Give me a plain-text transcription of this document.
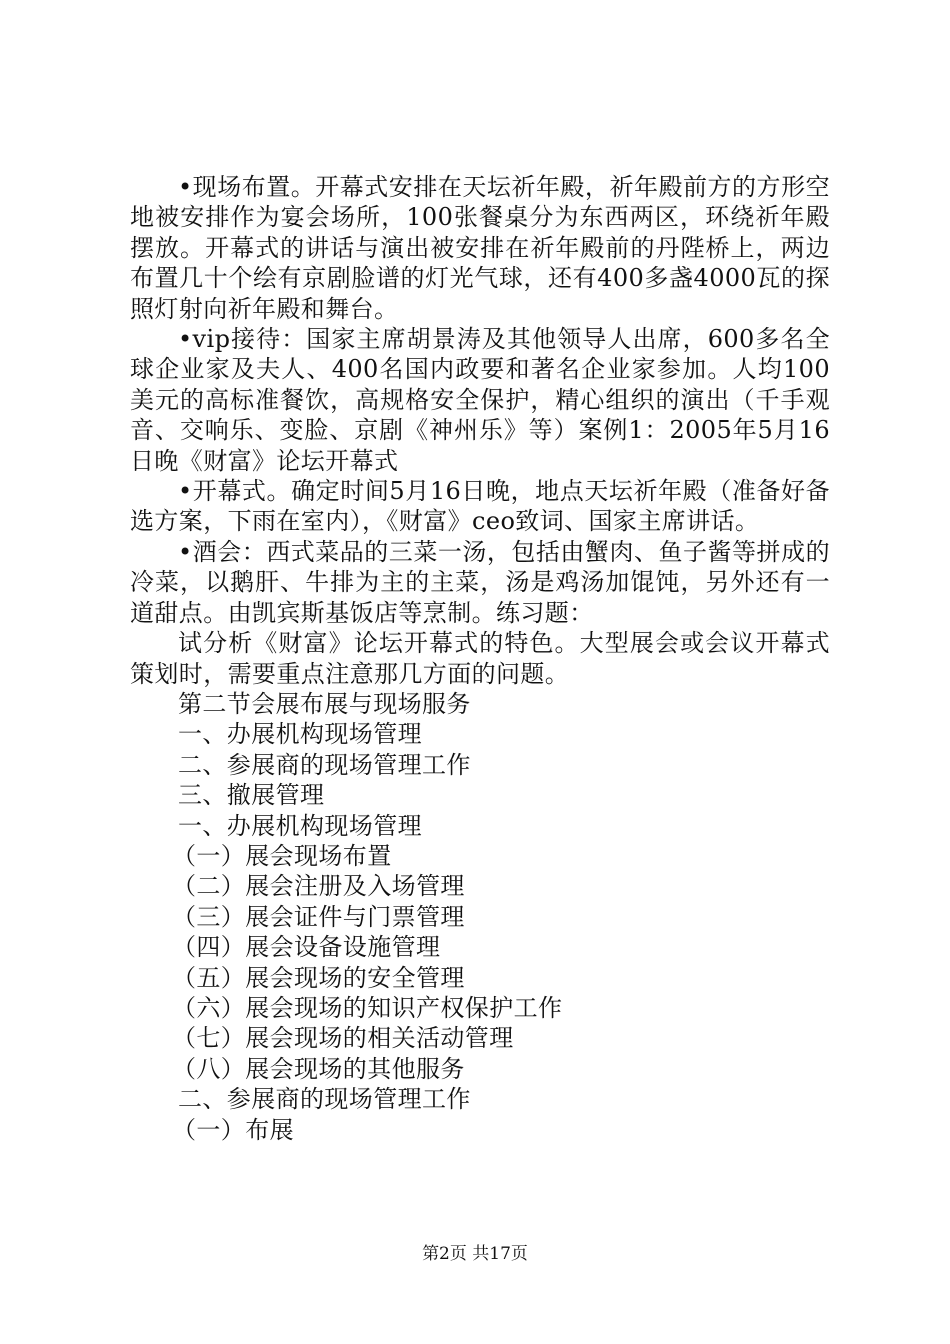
•现场布置。开幕式安排在天坛祈年殿，祈年殿前方的方形空地被安排作为宴会场所，100张餐桌分为东西两区，环绕祈年殿摆放。开幕式的讲话与演出被安排在祈年殿前的丹陛桥上，两边布置几十个绘有京剧脸谱的灯光气球，还有400多盏4000瓦的探照灯射向祈年殿和舞台。

•vip接待：国家主席胡景涛及其他领导人出席，600多名全球企业家及夫人、400名国内政要和著名企业家参加。人均100美元的高标准餐饮，高规格安全保护，精心组织的演出（千手观音、交响乐、变脸、京剧《神州乐》等）案例1：2005年5月16日晚《财富》论坛开幕式

•开幕式。确定时间5月16日晚，地点天坛祈年殿（准备好备选方案，下雨在室内），《财富》ceo致词、国家主席讲话。

•酒会：西式菜品的三菜一汤，包括由蟹肉、鱼子酱等拼成的冷菜，以鹅肝、牛排为主的主菜，汤是鸡汤加馄饨，另外还有一道甜点。由凯宾斯基饭店等烹制。练习题：

试分析《财富》论坛开幕式的特色。大型展会或会议开幕式策划时，需要重点注意那几方面的问题。

第二节会展布展与现场服务

一、办展机构现场管理

二、参展商的现场管理工作

三、撤展管理

一、办展机构现场管理

（一）展会现场布置

（二）展会注册及入场管理

（三）展会证件与门票管理

（四）展会设备设施管理

（五）展会现场的安全管理

（六）展会现场的知识产权保护工作

（七）展会现场的相关活动管理

（八）展会现场的其他服务

二、参展商的现场管理工作

（一）布展

第2页 共17页
